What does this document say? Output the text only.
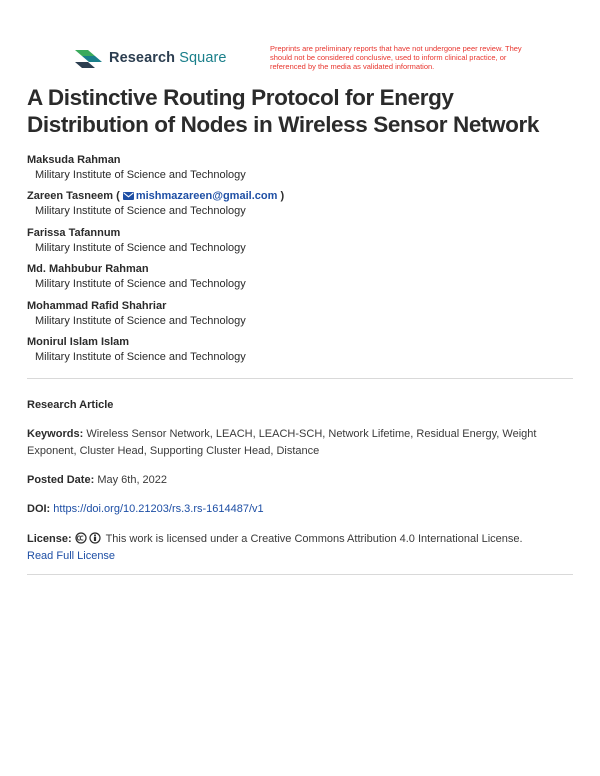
Research Square
Preprints are preliminary reports that have not undergone peer review. They should not be considered conclusive, used to inform clinical practice, or referenced by the media as validated information.
A Distinctive Routing Protocol for Energy
Distribution of Nodes in Wireless Sensor Network
Maksuda Rahman
Military Institute of Science and Technology
Zareen Tasneem ( mishmazareen@gmail.com )
Military Institute of Science and Technology
Farissa Tafannum
Military Institute of Science and Technology
Md. Mahbubur Rahman
Military Institute of Science and Technology
Mohammad Rafid Shahriar
Military Institute of Science and Technology
Monirul Islam Islam
Military Institute of Science and Technology
Research Article
Keywords: Wireless Sensor Network, LEACH, LEACH-SCH, Network Lifetime, Residual Energy, Weight Exponent, Cluster Head, Supporting Cluster Head, Distance
Posted Date: May 6th, 2022
DOI: https://doi.org/10.21203/rs.3.rs-1614487/v1
License:	This work is licensed under a Creative Commons Attribution 4.0 International License.
Read Full License
